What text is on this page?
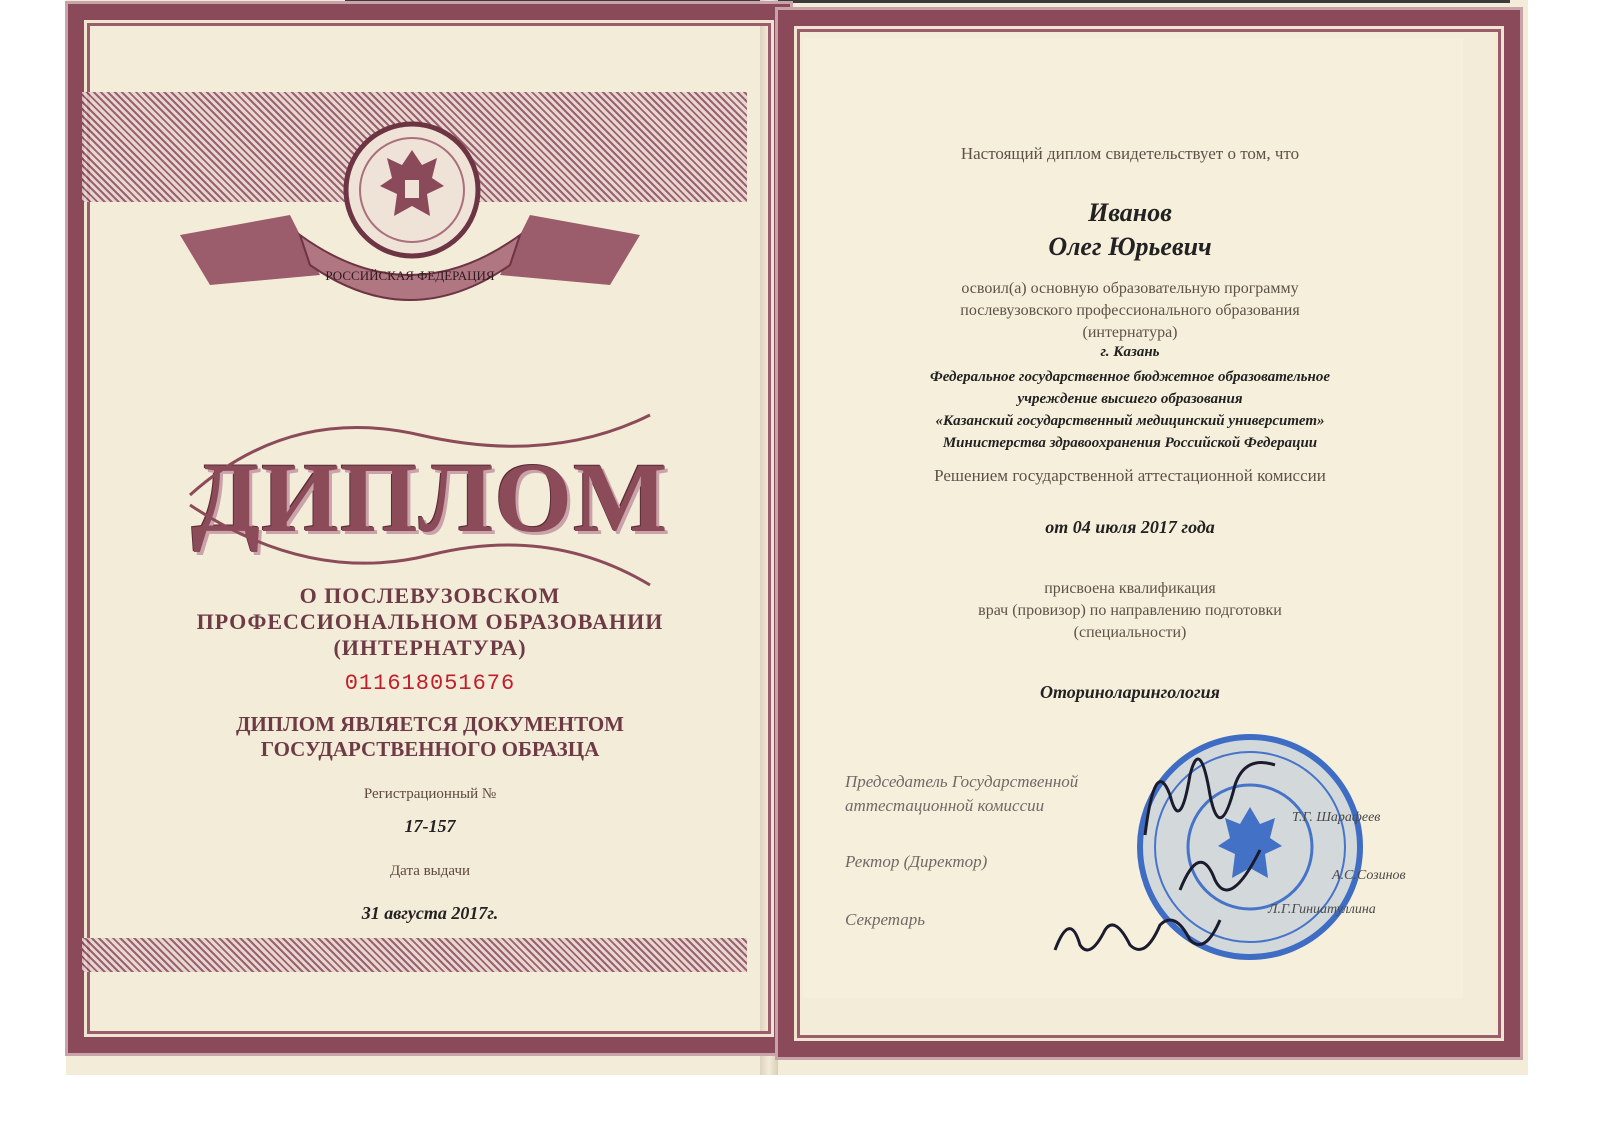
РОССИЙСКАЯ ФЕДЕРАЦИЯ
ДИПЛОМ
О ПОСЛЕВУЗОВСКОМ
ПРОФЕССИОНАЛЬНОМ ОБРАЗОВАНИИ
(ИНТЕРНАТУРА)
011618051676
ДИПЛОМ ЯВЛЯЕТСЯ ДОКУМЕНТОМ
ГОСУДАРСТВЕННОГО ОБРАЗЦА
Регистрационный №
17-157
Дата выдачи
31 августа 2017г.
Настоящий диплом свидетельствует о том, что
Иванов
Олег Юрьевич
освоил(а) основную образовательную программу
послевузовского профессионального образования
(интернатура)
г. Казань
Федеральное государственное бюджетное образовательное
учреждение высшего образования
«Казанский государственный медицинский университет»
Министерства здравоохранения Российской Федерации
Решением государственной аттестационной комиссии
от 04 июля 2017 года
присвоена квалификация
врач (провизор) по направлению подготовки
(специальности)
Оториноларингология
Председатель Государственной
аттестационной комиссии
Ректор (Директор)
Секретарь
Т.Г. Шарафеев
А.С.Созинов
Л.Г.Гиниатуллина
